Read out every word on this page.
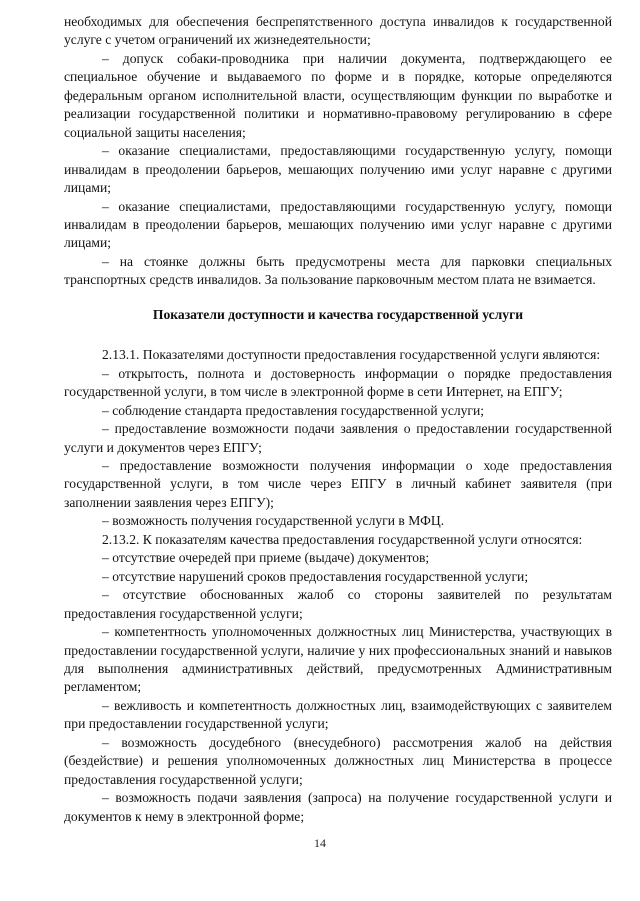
необходимых для обеспечения беспрепятственного доступа инвалидов к государственной услуге с учетом ограничений их жизнедеятельности;

– допуск собаки-проводника при наличии документа, подтверждающего ее специальное обучение и выдаваемого по форме и в порядке, которые определяются федеральным органом исполнительной власти, осуществляющим функции по выработке и реализации государственной политики и нормативно-правовому регулированию в сфере социальной защиты населения;

– оказание специалистами, предоставляющими государственную услугу, помощи инвалидам в преодолении барьеров, мешающих получению ими услуг наравне с другими лицами;

– оказание специалистами, предоставляющими государственную услугу, помощи инвалидам в преодолении барьеров, мешающих получению ими услуг наравне с другими лицами;

– на стоянке должны быть предусмотрены места для парковки специальных транспортных средств инвалидов. За пользование парковочным местом плата не взимается.

Показатели доступности и качества государственной услуги

2.13.1. Показателями доступности предоставления государственной услуги являются:

– открытость, полнота и достоверность информации о порядке предоставления государственной услуги, в том числе в электронной форме в сети Интернет, на ЕПГУ;

– соблюдение стандарта предоставления государственной услуги;

– предоставление возможности подачи заявления о предоставлении государственной услуги и документов через ЕПГУ;

– предоставление возможности получения информации о ходе предоставления государственной услуги, в том числе через ЕПГУ в личный кабинет заявителя (при заполнении заявления через ЕПГУ);

– возможность получения государственной услуги в МФЦ.

2.13.2. К показателям качества предоставления государственной услуги относятся:

– отсутствие очередей при приеме (выдаче) документов;

– отсутствие нарушений сроков предоставления государственной услуги;

– отсутствие обоснованных жалоб со стороны заявителей по результатам предоставления государственной услуги;

– компетентность уполномоченных должностных лиц Министерства, участвующих в предоставлении государственной услуги, наличие у них профессиональных знаний и навыков для выполнения административных действий, предусмотренных Административным регламентом;

– вежливость и компетентность должностных лиц, взаимодействующих с заявителем при предоставлении государственной услуги;

– возможность досудебного (внесудебного) рассмотрения жалоб на действия (бездействие) и решения уполномоченных должностных лиц Министерства в процессе предоставления государственной услуги;

– возможность подачи заявления (запроса) на получение государственной услуги и документов к нему в электронной форме;

14
